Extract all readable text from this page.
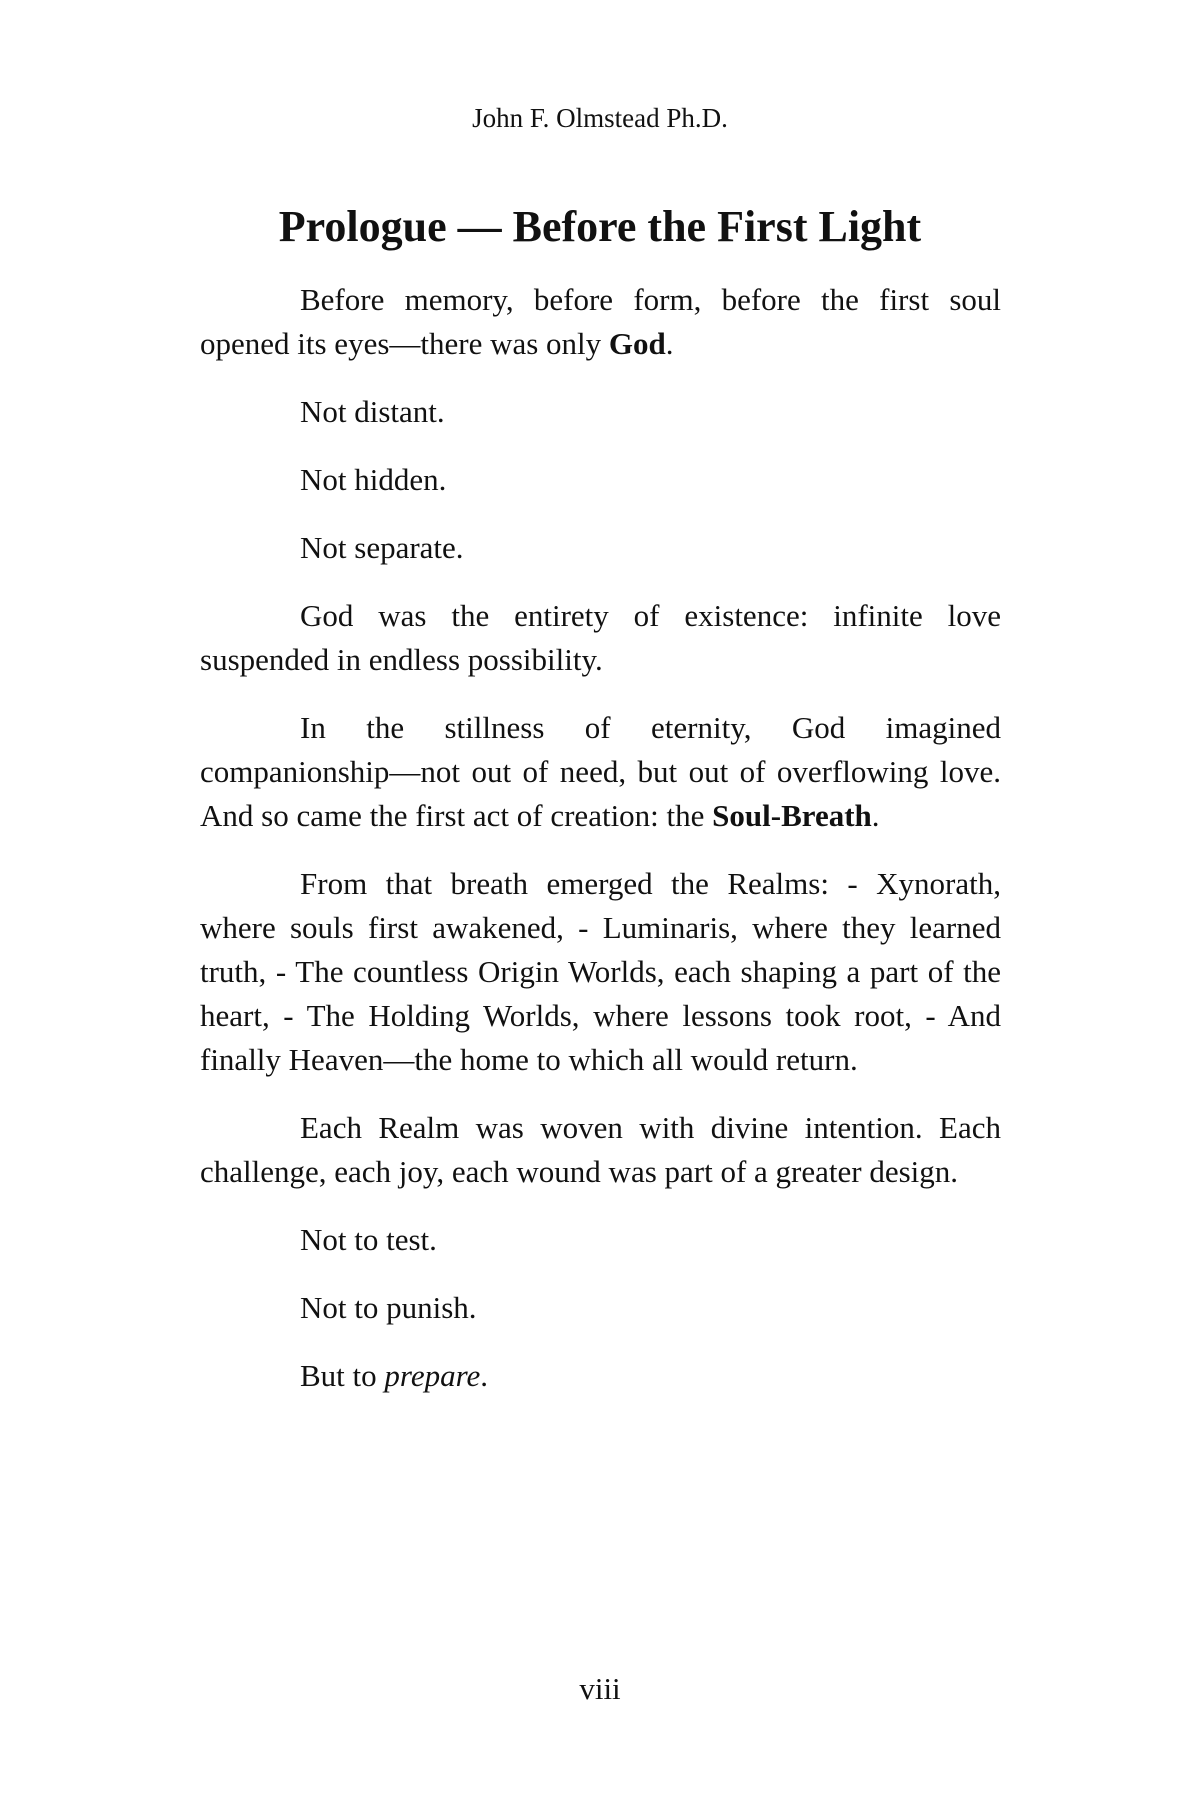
John F. Olmstead Ph.D.
Prologue — Before the First Light

Before memory, before form, before the first soul opened its eyes—there was only God.

Not distant.

Not hidden.

Not separate.

God was the entirety of existence: infinite love suspended in endless possibility.

In the stillness of eternity, God imagined companionship—not out of need, but out of overflowing love. And so came the first act of creation: the Soul-Breath.

From that breath emerged the Realms: - Xynorath, where souls first awakened, - Luminaris, where they learned truth, - The countless Origin Worlds, each shaping a part of the heart, - The Holding Worlds, where lessons took root, - And finally Heaven—the home to which all would return.

Each Realm was woven with divine intention. Each challenge, each joy, each wound was part of a greater design.

Not to test.

Not to punish.

But to prepare.

viii
